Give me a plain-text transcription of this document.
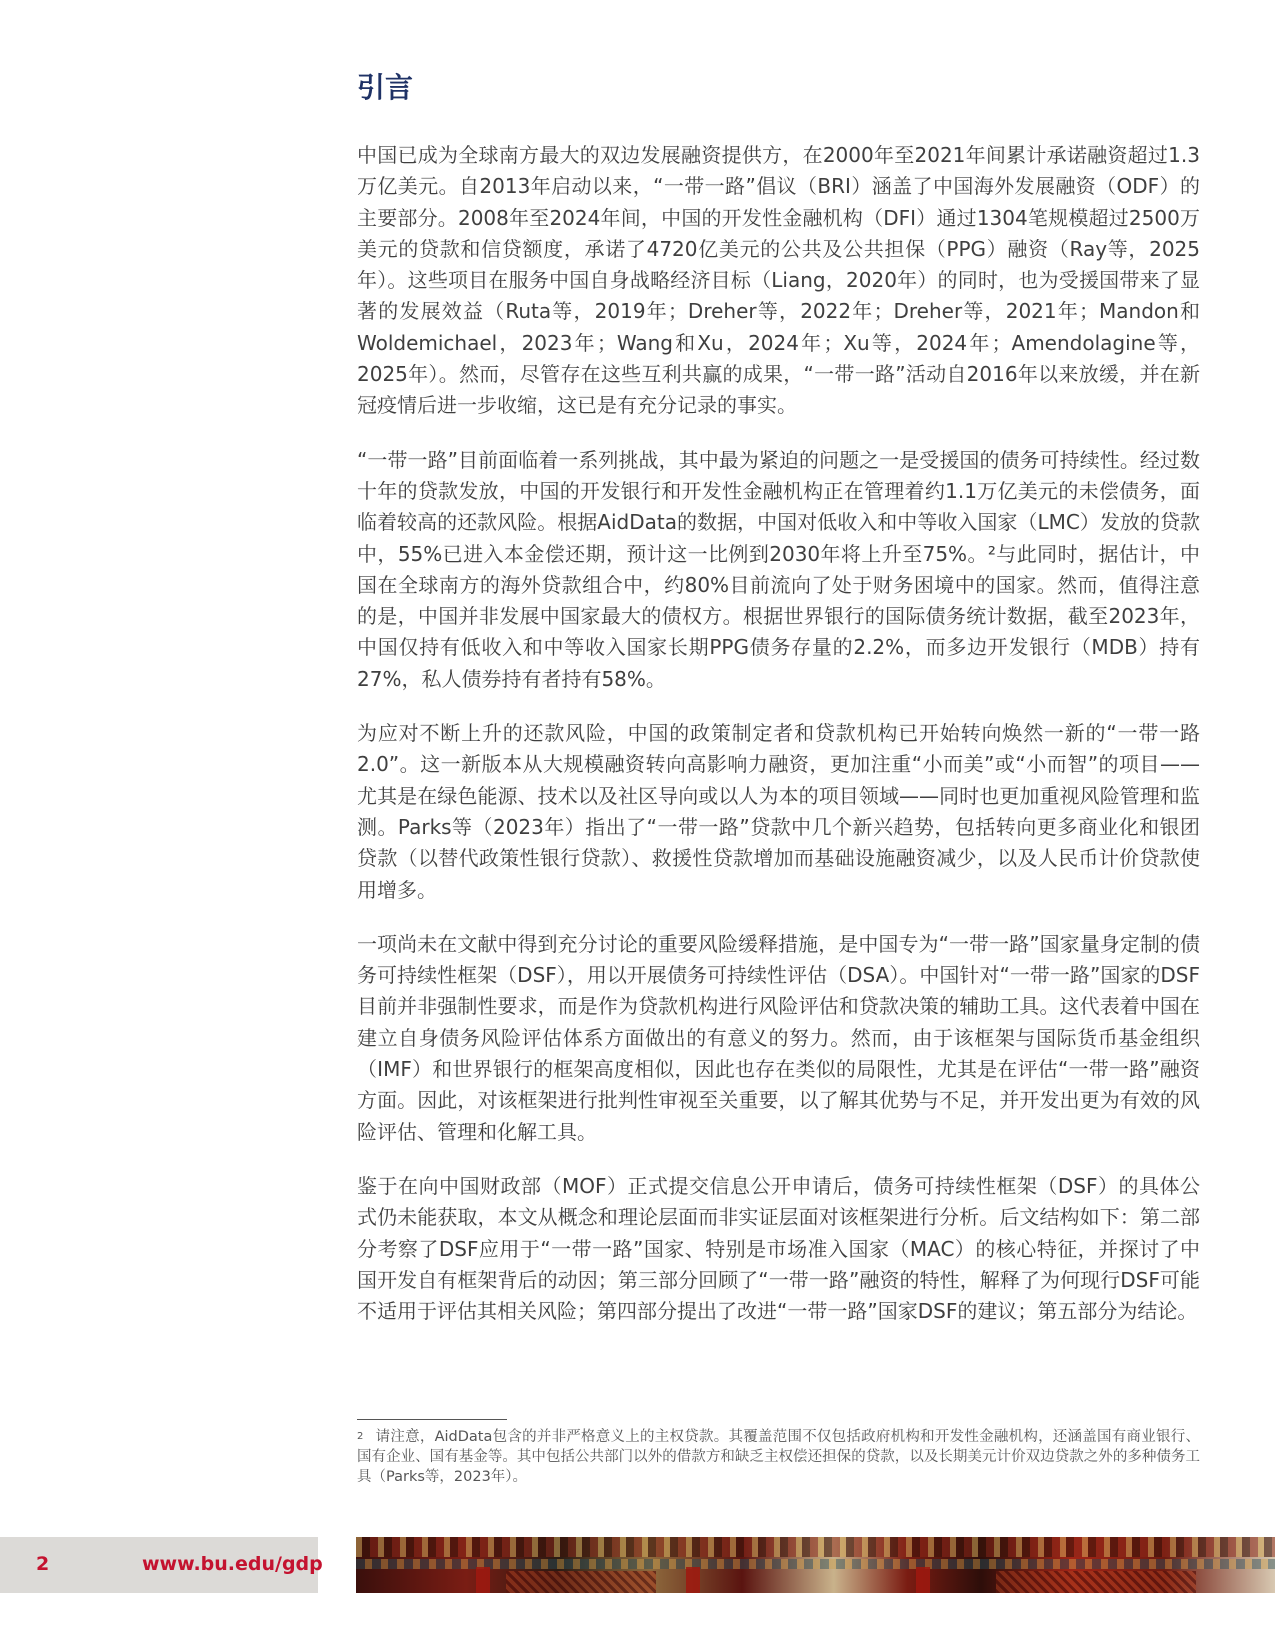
引言

中国已成为全球南方最大的双边发展融资提供方，在2000年至2021年间累计承诺融资超过1.3万亿美元。自2013年启动以来，“一带一路”倡议（BRI）涵盖了中国海外发展融资（ODF）的主要部分。2008年至2024年间，中国的开发性金融机构（DFI）通过1304笔规模超过2500万美元的贷款和信贷额度，承诺了4720亿美元的公共及公共担保（PPG）融资（Ray等，2025年）。这些项目在服务中国自身战略经济目标（Liang，2020年）的同时，也为受援国带来了显著的发展效益（Ruta等，2019年；Dreher等，2022年；Dreher等，2021年；Mandon和Woldemichael，2023年；Wang和Xu，2024年；Xu等，2024年；Amendolagine等，2025年）。然而，尽管存在这些互利共赢的成果，“一带一路”活动自2016年以来放缓，并在新冠疫情后进一步收缩，这已是有充分记录的事实。

“一带一路”目前面临着一系列挑战，其中最为紧迫的问题之一是受援国的债务可持续性。经过数十年的贷款发放，中国的开发银行和开发性金融机构正在管理着约1.1万亿美元的未偿债务，面临着较高的还款风险。根据AidData的数据，中国对低收入和中等收入国家（LMC）发放的贷款中，55%已进入本金偿还期，预计这一比例到2030年将上升至75%。²与此同时，据估计，中国在全球南方的海外贷款组合中，约80%目前流向了处于财务困境中的国家。然而，值得注意的是，中国并非发展中国家最大的债权方。根据世界银行的国际债务统计数据，截至2023年，中国仅持有低收入和中等收入国家长期PPG债务存量的2.2%，而多边开发银行（MDB）持有27%，私人债券持有者持有58%。

为应对不断上升的还款风险，中国的政策制定者和贷款机构已开始转向焕然一新的“一带一路2.0”。这一新版本从大规模融资转向高影响力融资，更加注重“小而美”或“小而智”的项目——尤其是在绿色能源、技术以及社区导向或以人为本的项目领域——同时也更加重视风险管理和监测。Parks等（2023年）指出了“一带一路”贷款中几个新兴趋势，包括转向更多商业化和银团贷款（以替代政策性银行贷款）、救援性贷款增加而基础设施融资减少，以及人民币计价贷款使用增多。

一项尚未在文献中得到充分讨论的重要风险缓释措施，是中国专为“一带一路”国家量身定制的债务可持续性框架（DSF），用以开展债务可持续性评估（DSA）。中国针对“一带一路”国家的DSF目前并非强制性要求，而是作为贷款机构进行风险评估和贷款决策的辅助工具。这代表着中国在建立自身债务风险评估体系方面做出的有意义的努力。然而，由于该框架与国际货币基金组织（IMF）和世界银行的框架高度相似，因此也存在类似的局限性，尤其是在评估“一带一路”融资方面。因此，对该框架进行批判性审视至关重要，以了解其优势与不足，并开发出更为有效的风险评估、管理和化解工具。

鉴于在向中国财政部（MOF）正式提交信息公开申请后，债务可持续性框架（DSF）的具体公式仍未能获取，本文从概念和理论层面而非实证层面对该框架进行分析。后文结构如下：第二部分考察了DSF应用于“一带一路”国家、特别是市场准入国家（MAC）的核心特征，并探讨了中国开发自有框架背后的动因；第三部分回顾了“一带一路”融资的特性，解释了为何现行DSF可能不适用于评估其相关风险；第四部分提出了改进“一带一路”国家DSF的建议；第五部分为结论。

$^2$ 请注意，AidData包含的并非严格意义上的主权贷款。其覆盖范围不仅包括政府机构和开发性金融机构，还涵盖国有商业银行、国有企业、国有基金等。其中包括公共部门以外的借款方和缺乏主权偿还担保的贷款，以及长期美元计价双边贷款之外的多种债务工具（Parks等，2023年）。
2	www.bu.edu/gdp
